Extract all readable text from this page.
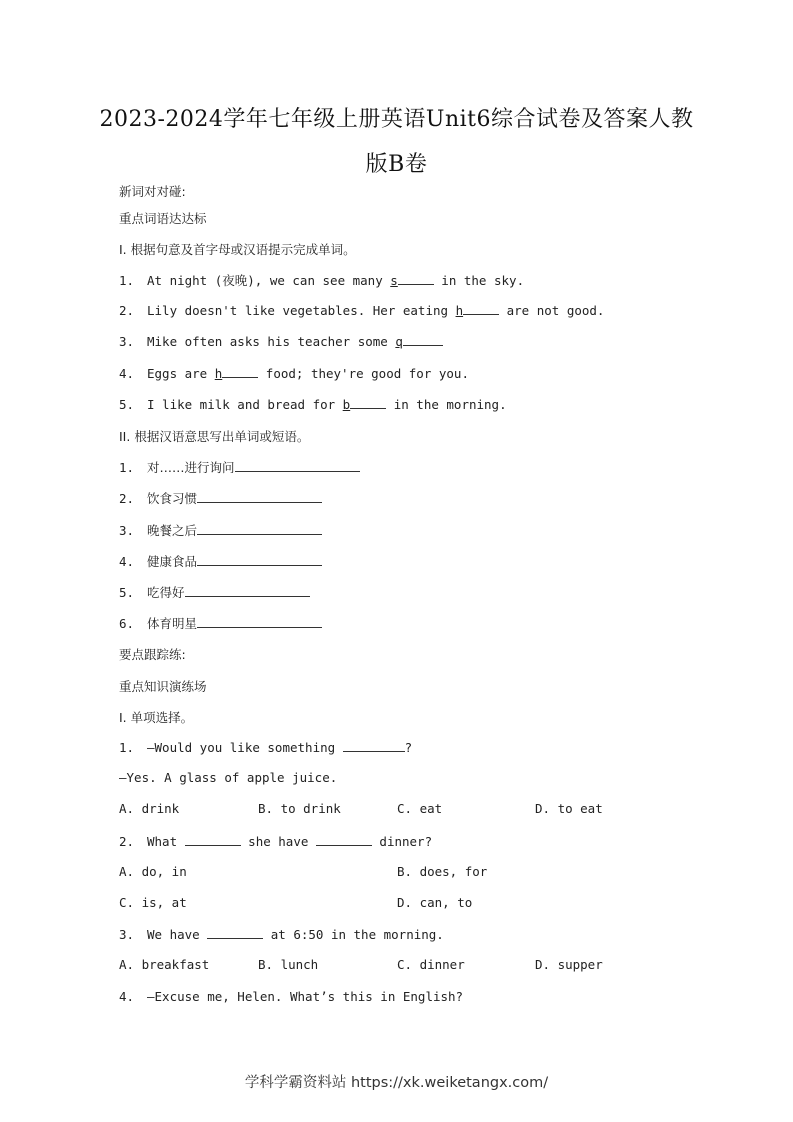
2023-2024学年七年级上册英语Unit6综合试卷及答案人教
版B卷
新词对对碰:
重点词语达达标
I. 根据句意及首字母或汉语提示完成单词。
1. At night (夜晚), we can see many s	in the sky.
2. Lily doesn't like vegetables. Her eating h	are not good.
3. Mike often asks his teacher some q
4. Eggs are h	food; they're good for you.
5. I like milk and bread for b	in the morning.
II. 根据汉语意思写出单词或短语。
1. 对……进行询问
2. 饮食习惯
3. 晚餐之后
4. 健康食品
5. 吃得好
6. 体育明星
要点跟踪练:
重点知识演练场
I. 单项选择。
1. —Would you like something	?
—Yes. A glass of apple juice.
A. drink	B. to drink	C. eat	D. to eat
2. What	she have	dinner?
A. do, in	B. does, for
C. is, at	D. can, to
3. We have	at 6:50 in the morning.
A. breakfast	B. lunch	C. dinner	D. supper
4. —Excuse me, Helen. What’s this in English?
学科学霸资料站 https://xk.weiketangx.com/
